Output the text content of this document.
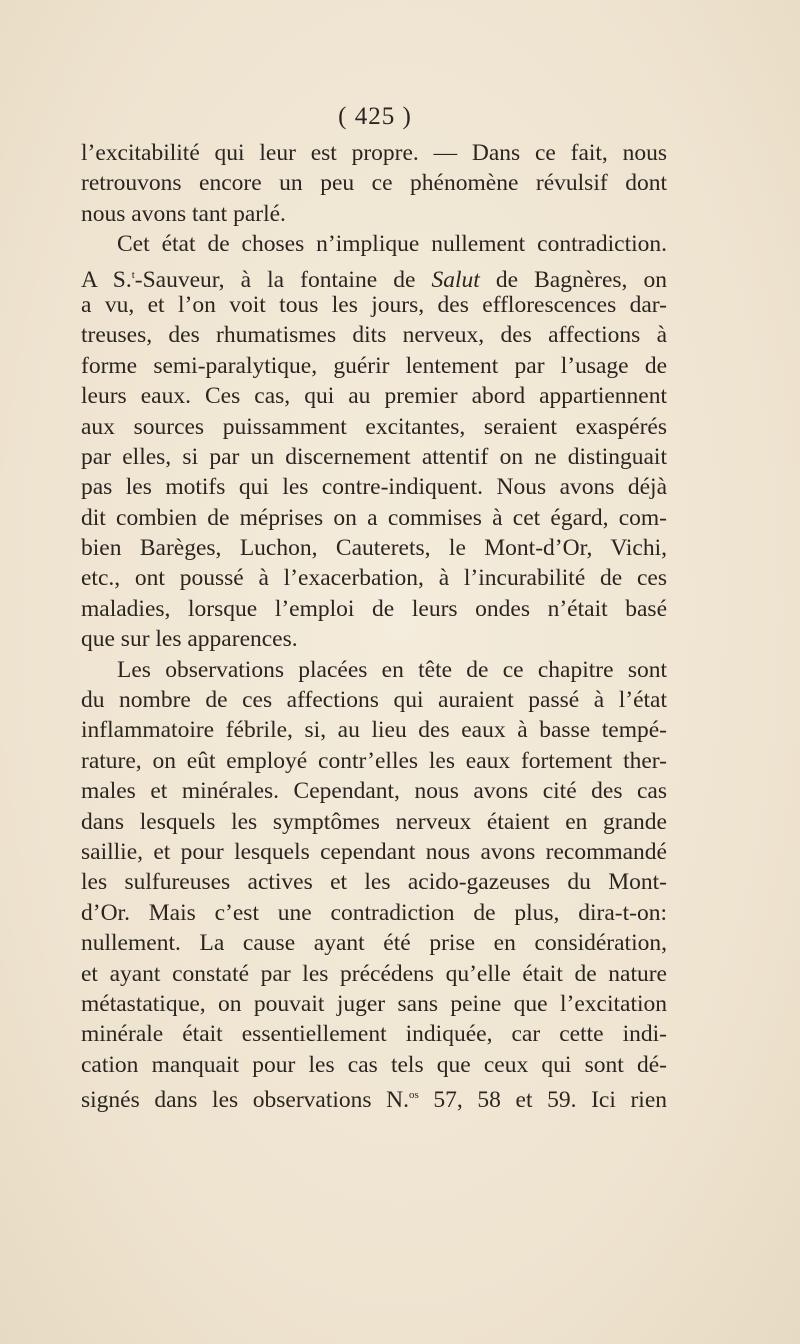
( 425 )
l’excitabilité qui leur est propre. — Dans ce fait, nous
retrouvons encore un peu ce phénomène révulsif dont
nous avons tant parlé.
Cet état de choses n’implique nullement contradiction.
A S.$^t$-Sauveur, à la fontaine de Salut de Bagnères, on
a vu, et l’on voit tous les jours, des efflorescences dar-
treuses, des rhumatismes dits nerveux, des affections à
forme semi-paralytique, guérir lentement par l’usage de
leurs eaux. Ces cas, qui au premier abord appartiennent
aux sources puissamment excitantes, seraient exaspérés
par elles, si par un discernement attentif on ne distinguait
pas les motifs qui les contre-indiquent. Nous avons déjà
dit combien de méprises on a commises à cet égard, com-
bien Barèges, Luchon, Cauterets, le Mont-d’Or, Vichi,
etc., ont poussé à l’exacerbation, à l’incurabilité de ces
maladies, lorsque l’emploi de leurs ondes n’était basé
que sur les apparences.
Les observations placées en tête de ce chapitre sont
du nombre de ces affections qui auraient passé à l’état
inflammatoire fébrile, si, au lieu des eaux à basse tempé-
rature, on eût employé contr’elles les eaux fortement ther-
males et minérales. Cependant, nous avons cité des cas
dans lesquels les symptômes nerveux étaient en grande
saillie, et pour lesquels cependant nous avons recommandé
les sulfureuses actives et les acido-gazeuses du Mont-
d’Or. Mais c’est une contradiction de plus, dira-t-on:
nullement. La cause ayant été prise en considération,
et ayant constaté par les précédens qu’elle était de nature
métastatique, on pouvait juger sans peine que l’excitation
minérale était essentiellement indiquée, car cette indi-
cation manquait pour les cas tels que ceux qui sont dé-
signés dans les observations N.$^{os}$ 57, 58 et 59. Ici rien
